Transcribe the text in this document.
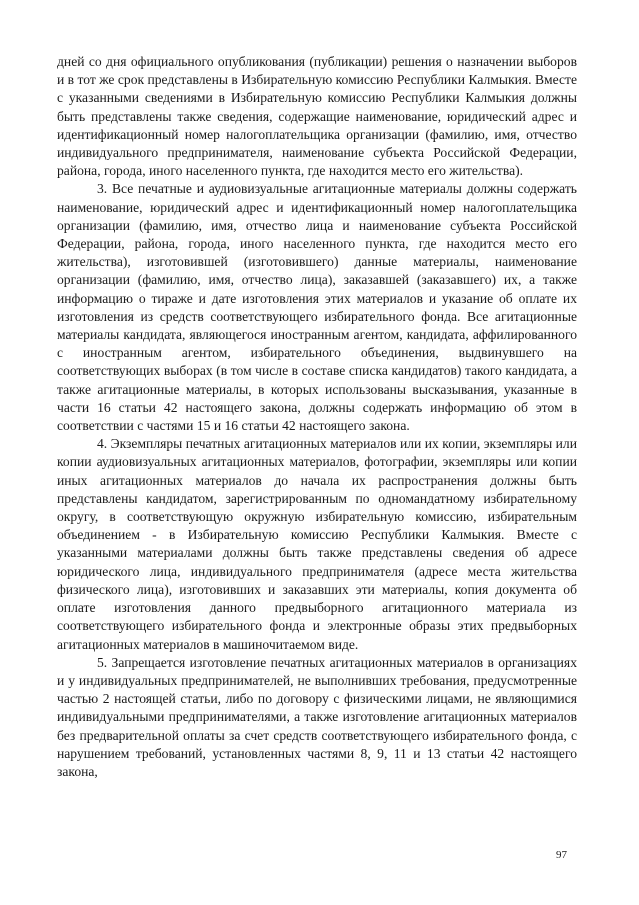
дней со дня официального опубликования (публикации) решения о назначении выборов и в тот же срок представлены в Избирательную комиссию Республики Калмыкия. Вместе с указанными сведениями в Избирательную комиссию Республики Калмыкия должны быть представлены также сведения, содержащие наименование, юридический адрес и идентификационный номер налогоплательщика организации (фамилию, имя, отчество индивидуального предпринимателя, наименование субъекта Российской Федерации, района, города, иного населенного пункта, где находится место его жительства).

3. Все печатные и аудиовизуальные агитационные материалы должны содержать наименование, юридический адрес и идентификационный номер налогоплательщика организации (фамилию, имя, отчество лица и наименование субъекта Российской Федерации, района, города, иного населенного пункта, где находится место его жительства), изготовившей (изготовившего) данные материалы, наименование организации (фамилию, имя, отчество лица), заказавшей (заказавшего) их, а также информацию о тираже и дате изготовления этих материалов и указание об оплате их изготовления из средств соответствующего избирательного фонда. Все агитационные материалы кандидата, являющегося иностранным агентом, кандидата, аффилированного с иностранным агентом, избирательного объединения, выдвинувшего на соответствующих выборах (в том числе в составе списка кандидатов) такого кандидата, а также агитационные материалы, в которых использованы высказывания, указанные в части 16 статьи 42 настоящего закона, должны содержать информацию об этом в соответствии с частями 15 и 16 статьи 42 настоящего закона.

4. Экземпляры печатных агитационных материалов или их копии, экземпляры или копии аудиовизуальных агитационных материалов, фотографии, экземпляры или копии иных агитационных материалов до начала их распространения должны быть представлены кандидатом, зарегистрированным по одномандатному избирательному округу, в соответствующую окружную избирательную комиссию, избирательным объединением - в Избирательную комиссию Республики Калмыкия. Вместе с указанными материалами должны быть также представлены сведения об адресе юридического лица, индивидуального предпринимателя (адресе места жительства физического лица), изготовивших и заказавших эти материалы, копия документа об оплате изготовления данного предвыборного агитационного материала из соответствующего избирательного фонда и электронные образы этих предвыборных агитационных материалов в машиночитаемом виде.

5. Запрещается изготовление печатных агитационных материалов в организациях и у индивидуальных предпринимателей, не выполнивших требования, предусмотренные частью 2 настоящей статьи, либо по договору с физическими лицами, не являющимися индивидуальными предпринимателями, а также изготовление агитационных материалов без предварительной оплаты за счет средств соответствующего избирательного фонда, с нарушением требований, установленных частями 8, 9, 11 и 13 статьи 42 настоящего закона,

97
